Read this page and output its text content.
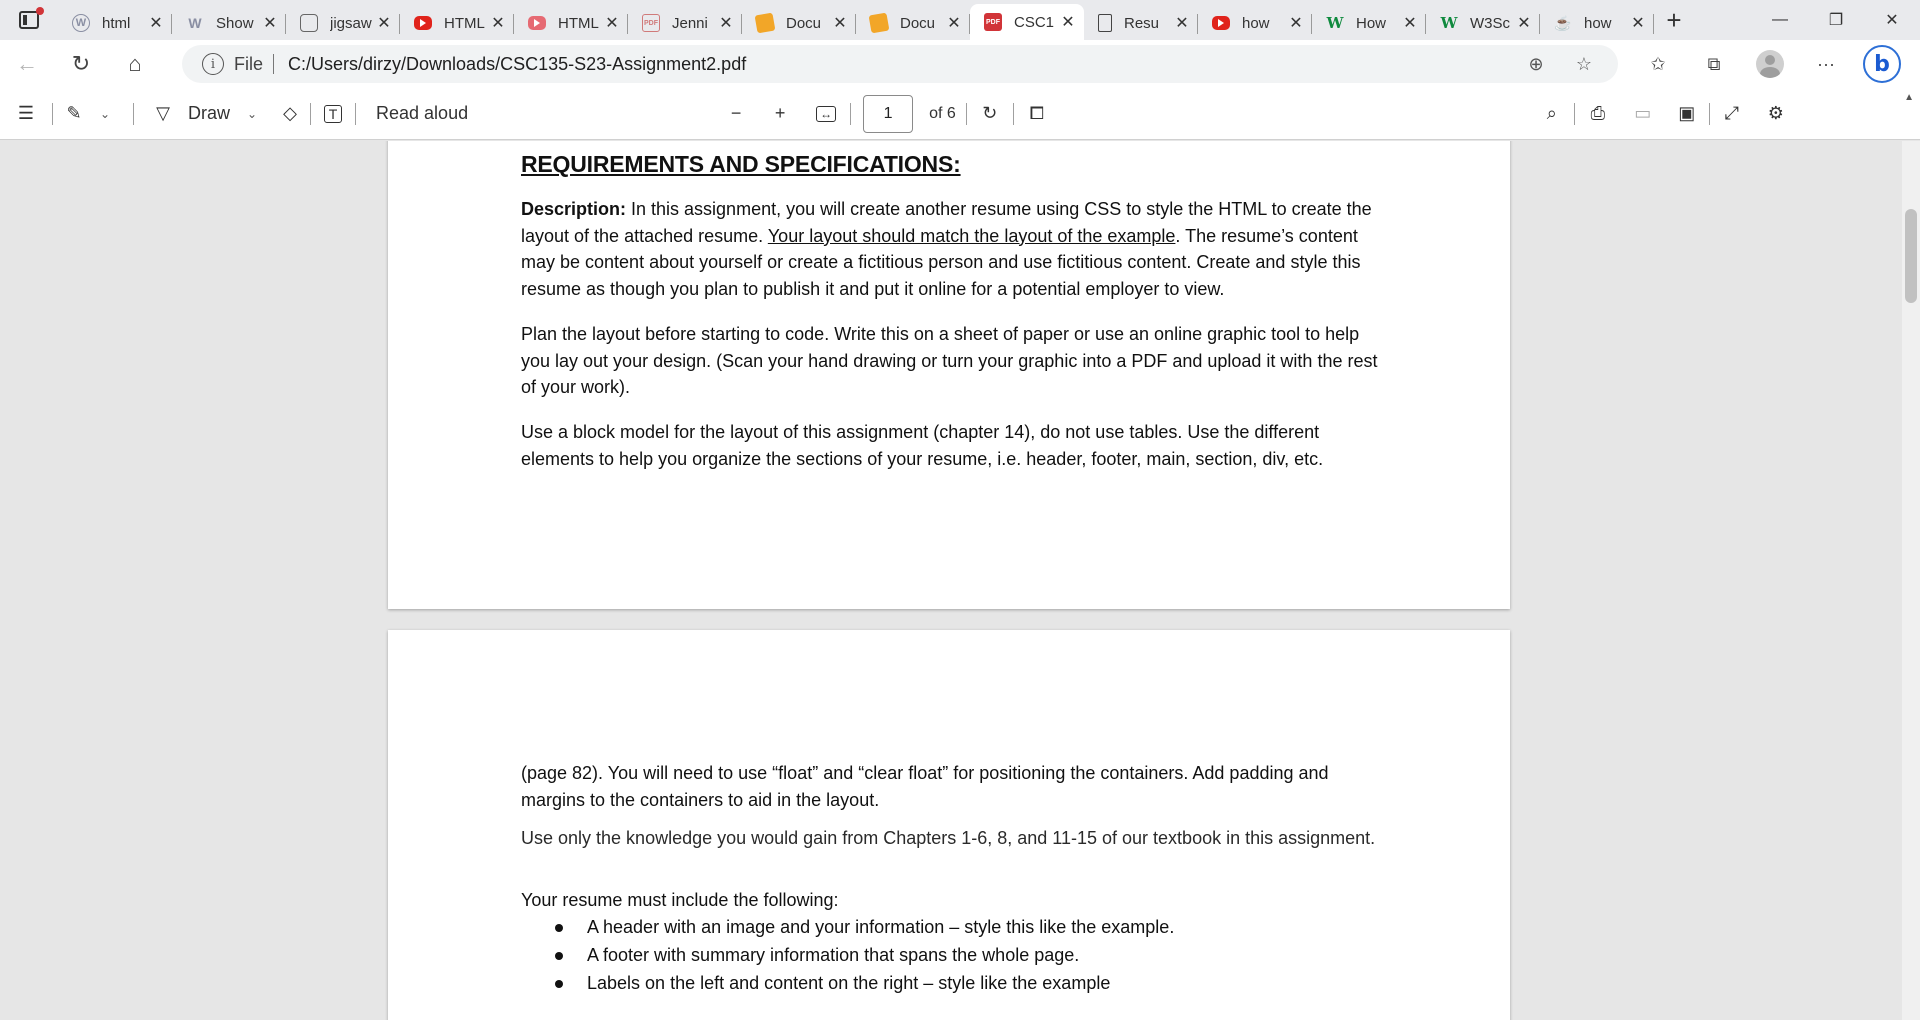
W html	✕ W Show ✕	jigsaw ✕	HTML ✕	HTML ✕	PDF Jenni ✕	Docu ✕	Docu ✕	PDF CSC1 ✕	Resu	✕	how	✕ W How	✕ W W3Sc ✕ ☕ how	✕ +	—	❐	✕
← ↻ ⌂	i	File C:/Users/dirzy/Downloads/CSC135-S23-Assignment2.pdf	⊕	☆	✩ ⧉	···	b
☰ ✎ ⌄	▽ Draw	⌄ ◇	T	Read aloud	− +	↔
1	of 6	↻ ⧠	⌕ ⎙ ▭ ▣ ⤢ ⚙
▲
REQUIREMENTS AND SPECIFICATIONS:

Description: In this assignment, you will create another resume using CSS to style the HTML to create the layout of the attached resume. Your layout should match the layout of the example. The resume’s content may be content about yourself or create a fictitious person and use fictitious content. Create and style this resume as though you plan to publish it and put it online for a potential employer to view.

Plan the layout before starting to code. Write this on a sheet of paper or use an online graphic tool to help you lay out your design. (Scan your hand drawing or turn your graphic into a PDF and upload it with the rest of your work).

Use a block model for the layout of this assignment (chapter 14), do not use tables. Use the different elements to help you organize the sections of your resume, i.e. header, footer, main, section, div, etc.

(page 82). You will need to use “float” and “clear float” for positioning the containers. Add padding and margins to the containers to aid in the layout.

Use only the knowledge you would gain from Chapters 1-6, 8, and 11-15 of our textbook in this assignment.

Your resume must include the following:

A header with an image and your information – style this like the example.
A footer with summary information that spans the whole page.
Labels on the left and content on the right – style like the example
